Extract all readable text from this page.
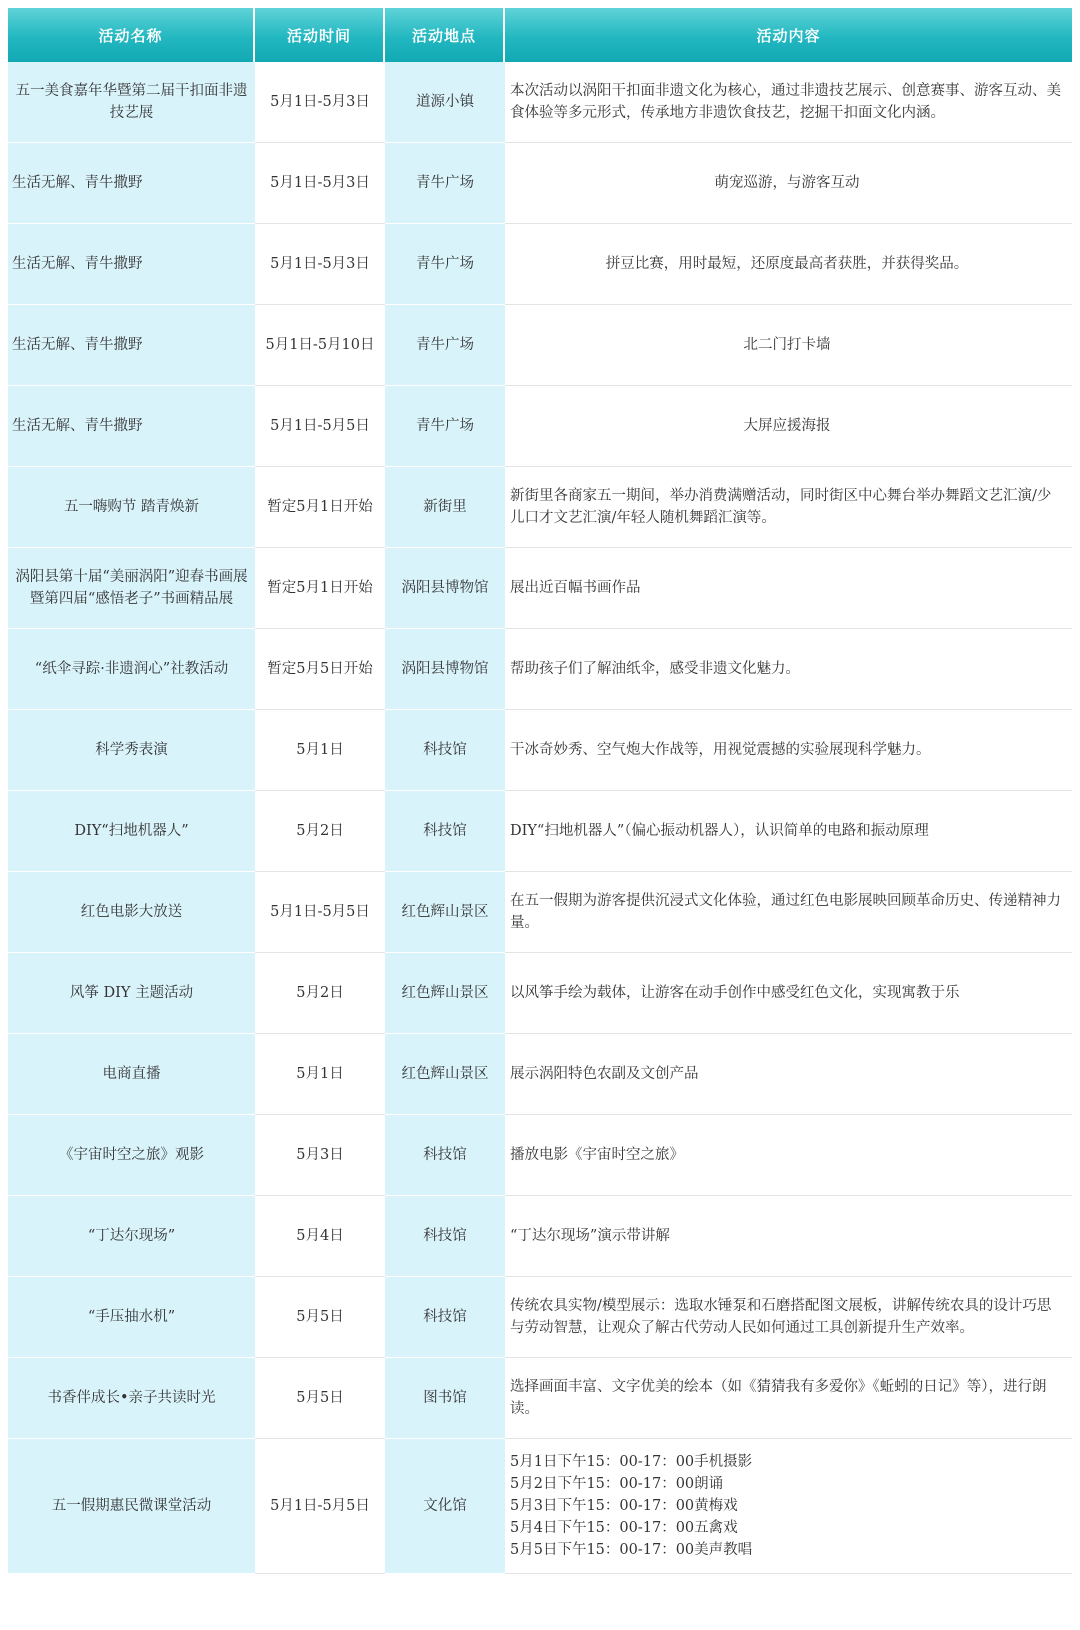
活动名称	活动时间	活动地点	活动内容
五一美食嘉年华暨第二届干扣面非遗技艺展	5月1日-5月3日	道源小镇	本次活动以涡阳干扣面非遗文化为核心，通过非遗技艺展示、创意赛事、游客互动、美食体验等多元形式，传承地方非遗饮食技艺，挖掘干扣面文化内涵。
生活无解、青牛撒野	5月1日-5月3日	青牛广场	萌宠巡游，与游客互动
生活无解、青牛撒野	5月1日-5月3日	青牛广场	拼豆比赛，用时最短，还原度最高者获胜，并获得奖品。
生活无解、青牛撒野	5月1日-5月10日	青牛广场	北二门打卡墙
生活无解、青牛撒野	5月1日-5月5日	青牛广场	大屏应援海报
五一嗨购节 踏青焕新	暂定5月1日开始	新街里	新街里各商家五一期间，举办消费满赠活动，同时街区中心舞台举办舞蹈文艺汇演/少儿口才文艺汇演/年轻人随机舞蹈汇演等。
涡阳县第十届“美丽涡阳”迎春书画展暨第四届“感悟老子”书画精品展	暂定5月1日开始	涡阳县博物馆	展出近百幅书画作品
“纸伞寻踪·非遗润心”社教活动	暂定5月5日开始	涡阳县博物馆	帮助孩子们了解油纸伞，感受非遗文化魅力。
科学秀表演	5月1日	科技馆	干冰奇妙秀、空气炮大作战等，用视觉震撼的实验展现科学魅力。
DIY“扫地机器人”	5月2日	科技馆	DIY“扫地机器人”（偏心振动机器人），认识简单的电路和振动原理
红色电影大放送	5月1日-5月5日	红色辉山景区	在五一假期为游客提供沉浸式文化体验，通过红色电影展映回顾革命历史、传递精神力量。
风筝 DIY 主题活动	5月2日	红色辉山景区	以风筝手绘为载体，让游客在动手创作中感受红色文化，实现寓教于乐
电商直播	5月1日	红色辉山景区	展示涡阳特色农副及文创产品
《宇宙时空之旅》观影	5月3日	科技馆	播放电影《宇宙时空之旅》
“丁达尔现场”	5月4日	科技馆	“丁达尔现场”演示带讲解
“手压抽水机”	5月5日	科技馆	传统农具实物/模型展示：选取水锤泵和石磨搭配图文展板，讲解传统农具的设计巧思与劳动智慧，让观众了解古代劳动人民如何通过工具创新提升生产效率。
书香伴成长•亲子共读时光	5月5日	图书馆	选择画面丰富、文字优美的绘本（如《猜猜我有多爱你》《蚯蚓的日记》等），进行朗读。
五一假期惠民微课堂活动	5月1日-5月5日	文化馆	5月1日下午15：00-17：00手机摄影
5月2日下午15：00-17：00朗诵
5月3日下午15：00-17：00黄梅戏
5月4日下午15：00-17：00五禽戏
5月5日下午15：00-17：00美声教唱
